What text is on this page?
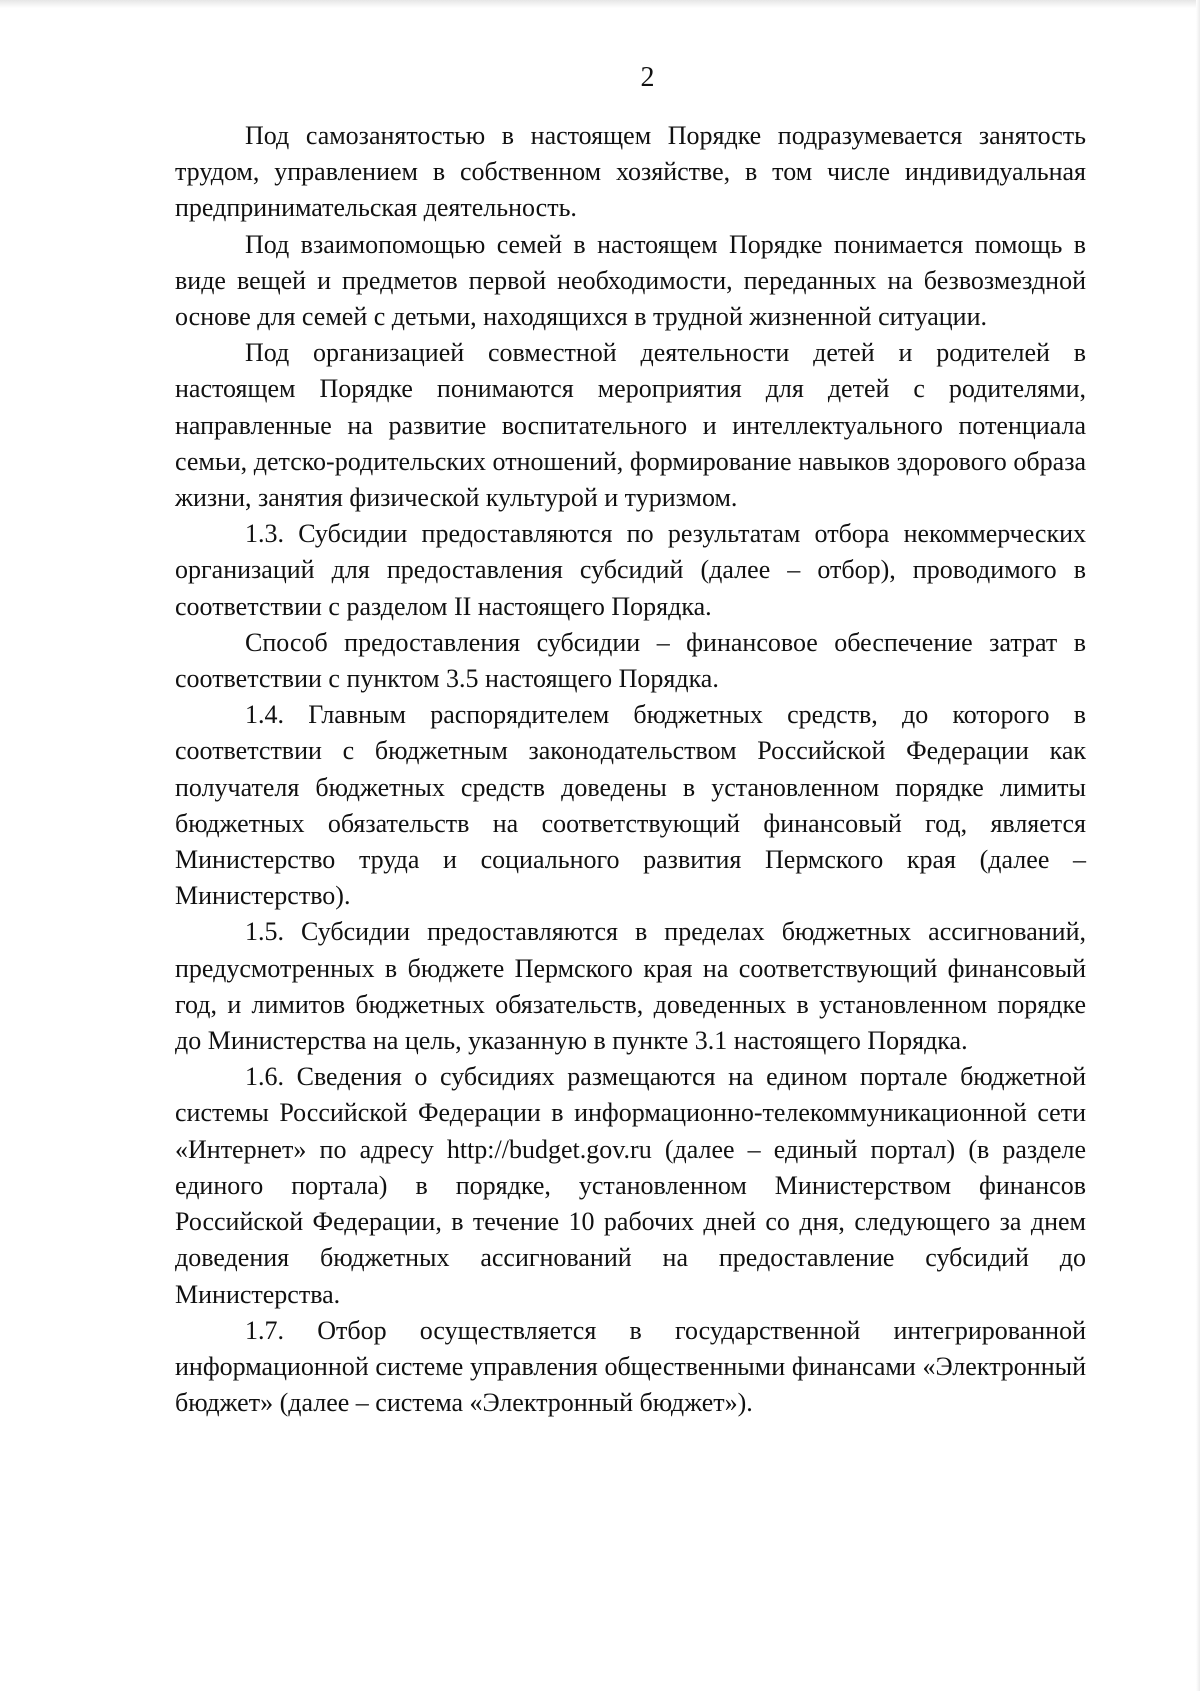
2

Под самозанятостью в настоящем Порядке подразумевается занятость трудом, управлением в собственном хозяйстве, в том числе индивидуальная предпринимательская деятельность.

Под взаимопомощью семей в настоящем Порядке понимается помощь в виде вещей и предметов первой необходимости, переданных на безвозмездной основе для семей с детьми, находящихся в трудной жизненной ситуации.

Под организацией совместной деятельности детей и родителей в настоящем Порядке понимаются мероприятия для детей с родителями, направленные на развитие воспитательного и интеллектуального потенциала семьи, детско-родительских отношений, формирование навыков здорового образа жизни, занятия физической культурой и туризмом.

1.3. Субсидии предоставляются по результатам отбора некоммерческих организаций для предоставления субсидий (далее – отбор), проводимого в соответствии с разделом II настоящего Порядка.

Способ предоставления субсидии – финансовое обеспечение затрат в соответствии с пунктом 3.5 настоящего Порядка.

1.4. Главным распорядителем бюджетных средств, до которого в соответствии с бюджетным законодательством Российской Федерации как получателя бюджетных средств доведены в установленном порядке лимиты бюджетных обязательств на соответствующий финансовый год, является Министерство труда и социального развития Пермского края (далее – Министерство).

1.5. Субсидии предоставляются в пределах бюджетных ассигнований, предусмотренных в бюджете Пермского края на соответствующий финансовый год, и лимитов бюджетных обязательств, доведенных в установленном порядке до Министерства на цель, указанную в пункте 3.1 настоящего Порядка.

1.6. Сведения о субсидиях размещаются на едином портале бюджетной системы Российской Федерации в информационно-телекоммуникационной сети «Интернет» по адресу http://budget.gov.ru (далее – единый портал) (в разделе единого портала) в порядке, установленном Министерством финансов Российской Федерации, в течение 10 рабочих дней со дня, следующего за днем доведения бюджетных ассигнований на предоставление субсидий до Министерства.

1.7. Отбор осуществляется в государственной интегрированной информационной системе управления общественными финансами «Электронный бюджет» (далее – система «Электронный бюджет»).
